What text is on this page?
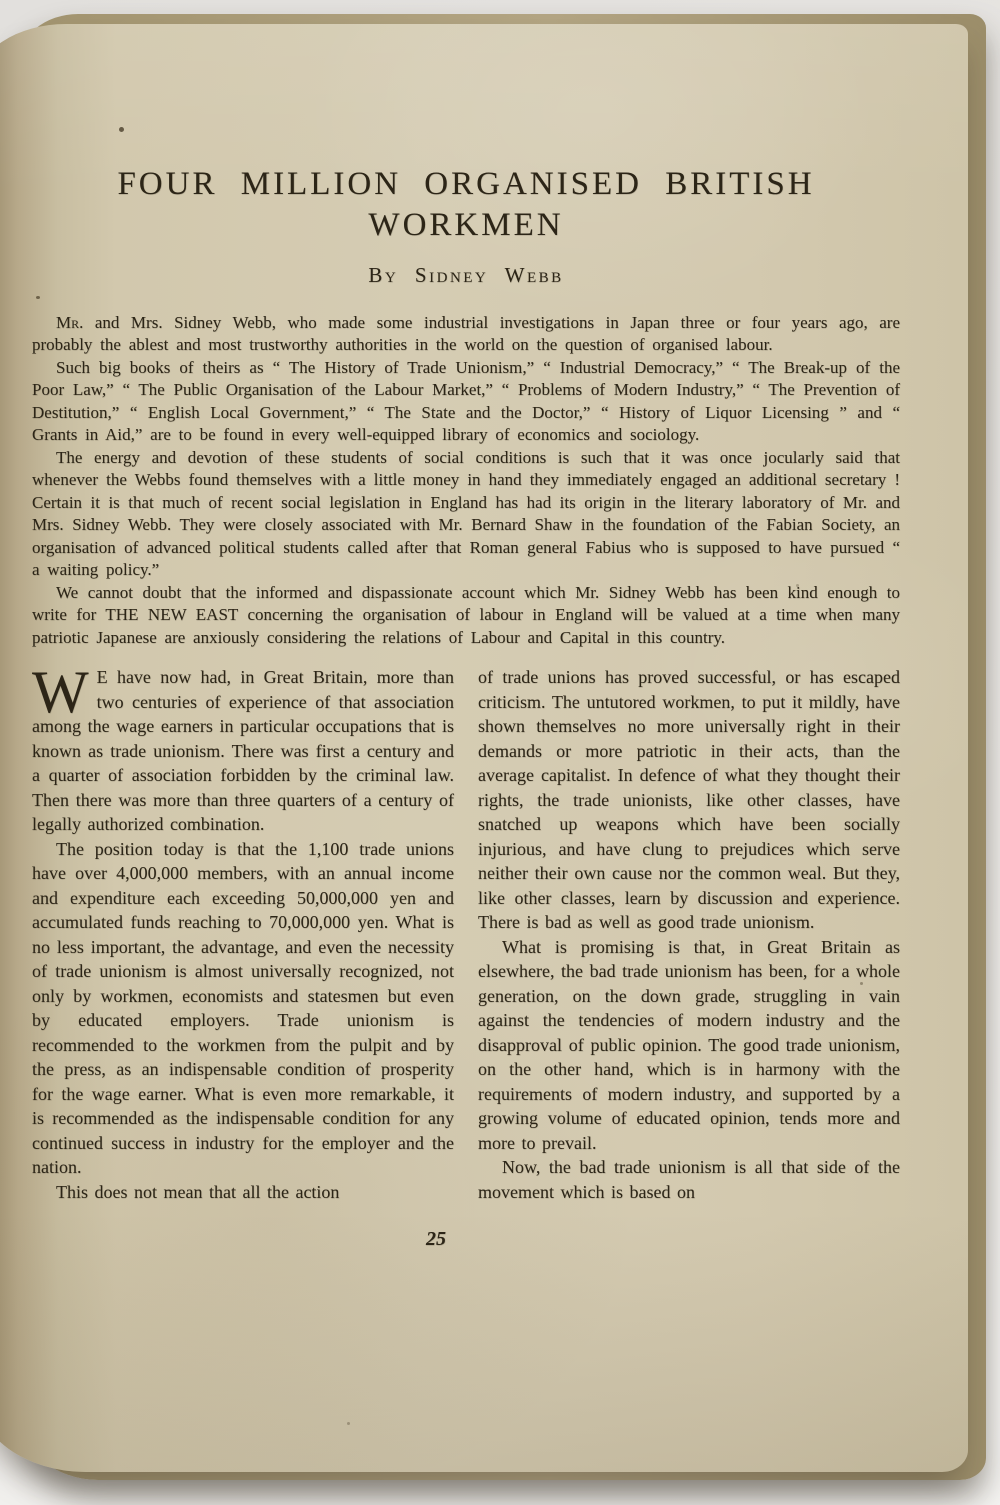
FOUR MILLION ORGANISED BRITISH
WORKMEN
By Sidney Webb

Mr. and Mrs. Sidney Webb, who made some industrial investigations in Japan three or four years ago, are probably the ablest and most trustworthy authorities in the world on the question of organised labour.

Such big books of theirs as “ The History of Trade Unionism,” “ Industrial Democracy,” “ The Break-up of the Poor Law,” “ The Public Organisation of the Labour Market,” “ Problems of Modern Industry,” “ The Prevention of Destitution,” “ English Local Government,” “ The State and the Doctor,” “ History of Liquor Licensing ” and “ Grants in Aid,” are to be found in every well-equipped library of economics and sociology.

The energy and devotion of these students of social conditions is such that it was once jocularly said that whenever the Webbs found themselves with a little money in hand they immediately engaged an additional secretary ! Certain it is that much of recent social legislation in England has had its origin in the literary laboratory of Mr. and Mrs. Sidney Webb. They were closely associated with Mr. Bernard Shaw in the foundation of the Fabian Society, an organisation of advanced political students called after that Roman general Fabius who is supposed to have pursued “ a waiting policy.”

We cannot doubt that the informed and dispassionate account which Mr. Sidney Webb has been kind enough to write for THE NEW EAST concerning the organisation of labour in England will be valued at a time when many patriotic Japanese are anxiously considering the relations of Labour and Capital in this country.

W E have now had, in Great Britain, more than two centuries of experience of that association among the wage earners in particular occupations that is known as trade unionism. There was first a century and a quarter of association forbidden by the criminal law. Then there was more than three quarters of a century of legally authorized combination.

The position today is that the 1,100 trade unions have over 4,000,000 members, with an annual income and expenditure each exceeding 50,000,000 yen and accumulated funds reaching to 70,000,000 yen. What is no less important, the advantage, and even the necessity of trade unionism is almost universally recognized, not only by workmen, economists and statesmen but even by educated employers. Trade unionism is recommended to the workmen from the pulpit and by the press, as an indispensable condition of prosperity for the wage earner. What is even more remarkable, it is recommended as the indispensable condition for any continued success in industry for the employer and the nation.

This does not mean that all the action

of trade unions has proved successful, or has escaped criticism. The untutored workmen, to put it mildly, have shown themselves no more universally right in their demands or more patriotic in their acts, than the average capitalist. In defence of what they thought their rights, the trade unionists, like other classes, have snatched up weapons which have been socially injurious, and have clung to prejudices which serve neither their own cause nor the common weal. But they, like other classes, learn by discussion and experience. There is bad as well as good trade unionism.

What is promising is that, in Great Britain as elsewhere, the bad trade unionism has been, for a whole generation, on the down grade, struggling in vain against the tendencies of modern industry and the disapproval of public opinion. The good trade unionism, on the other hand, which is in harmony with the requirements of modern industry, and supported by a growing volume of educated opinion, tends more and more to prevail.

Now, the bad trade unionism is all that side of the movement which is based on

25
